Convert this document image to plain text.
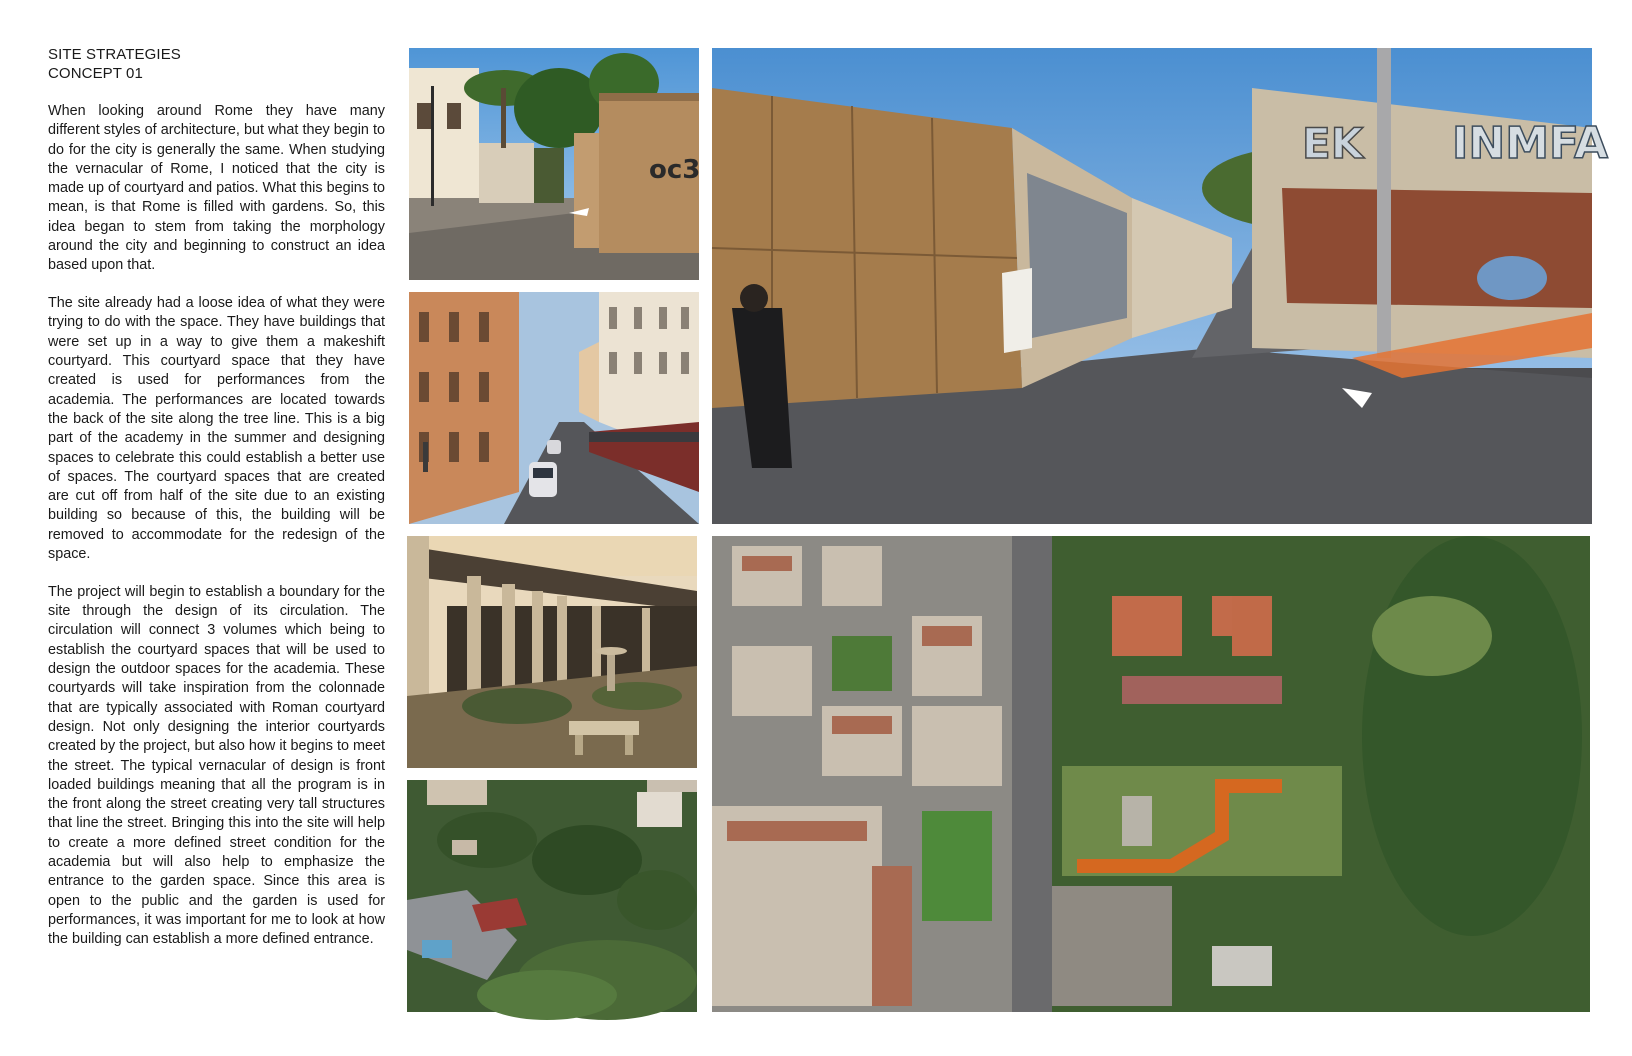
SITE STRATEGIES
CONCEPT 01

When looking around Rome they have many different styles of architecture, but what they begin to do for the city is generally the same. When studying the vernacular of Rome, I noticed that the city is made up of courtyard and patios. What this begins to mean, is that Rome is filled with gardens. So, this idea began to stem from taking the morphology around the city and beginning to construct an idea based upon that.

The site already had a loose idea of what they were trying to do with the space. They have buildings that were set up in a way to give them a makeshift courtyard. This courtyard space that they have created is used for performances from the academia. The performances are located towards the back of the site along the tree line. This is a big part of the academy in the summer and designing spaces to celebrate this could establish a better use of spaces. The courtyard spaces that are created are cut off from half of the site due to an existing building so because of this, the building will be removed to accommodate for the redesign of the space.

The project will begin to establish a boundary for the site through the design of its circulation. The circulation will connect 3 volumes which being to establish the courtyard spaces that will be used to design the outdoor spaces for the academia. These courtyards will take inspiration from the colonnade that are typically associated with Roman courtyard design. Not only designing the interior courtyards created by the project, but also how it begins to meet the street. The typical vernacular of design is front loaded buildings meaning that all the program is in the front along the street creating very tall structures that line the street. Bringing this into the site will help to create a more defined street condition for the academia but will also help to emphasize the entrance to the garden space. Since this area is open to the public and the garden is used for performances, it was important for me to look at how the building can establish a more defined entrance.

oc3
EK INMFA
